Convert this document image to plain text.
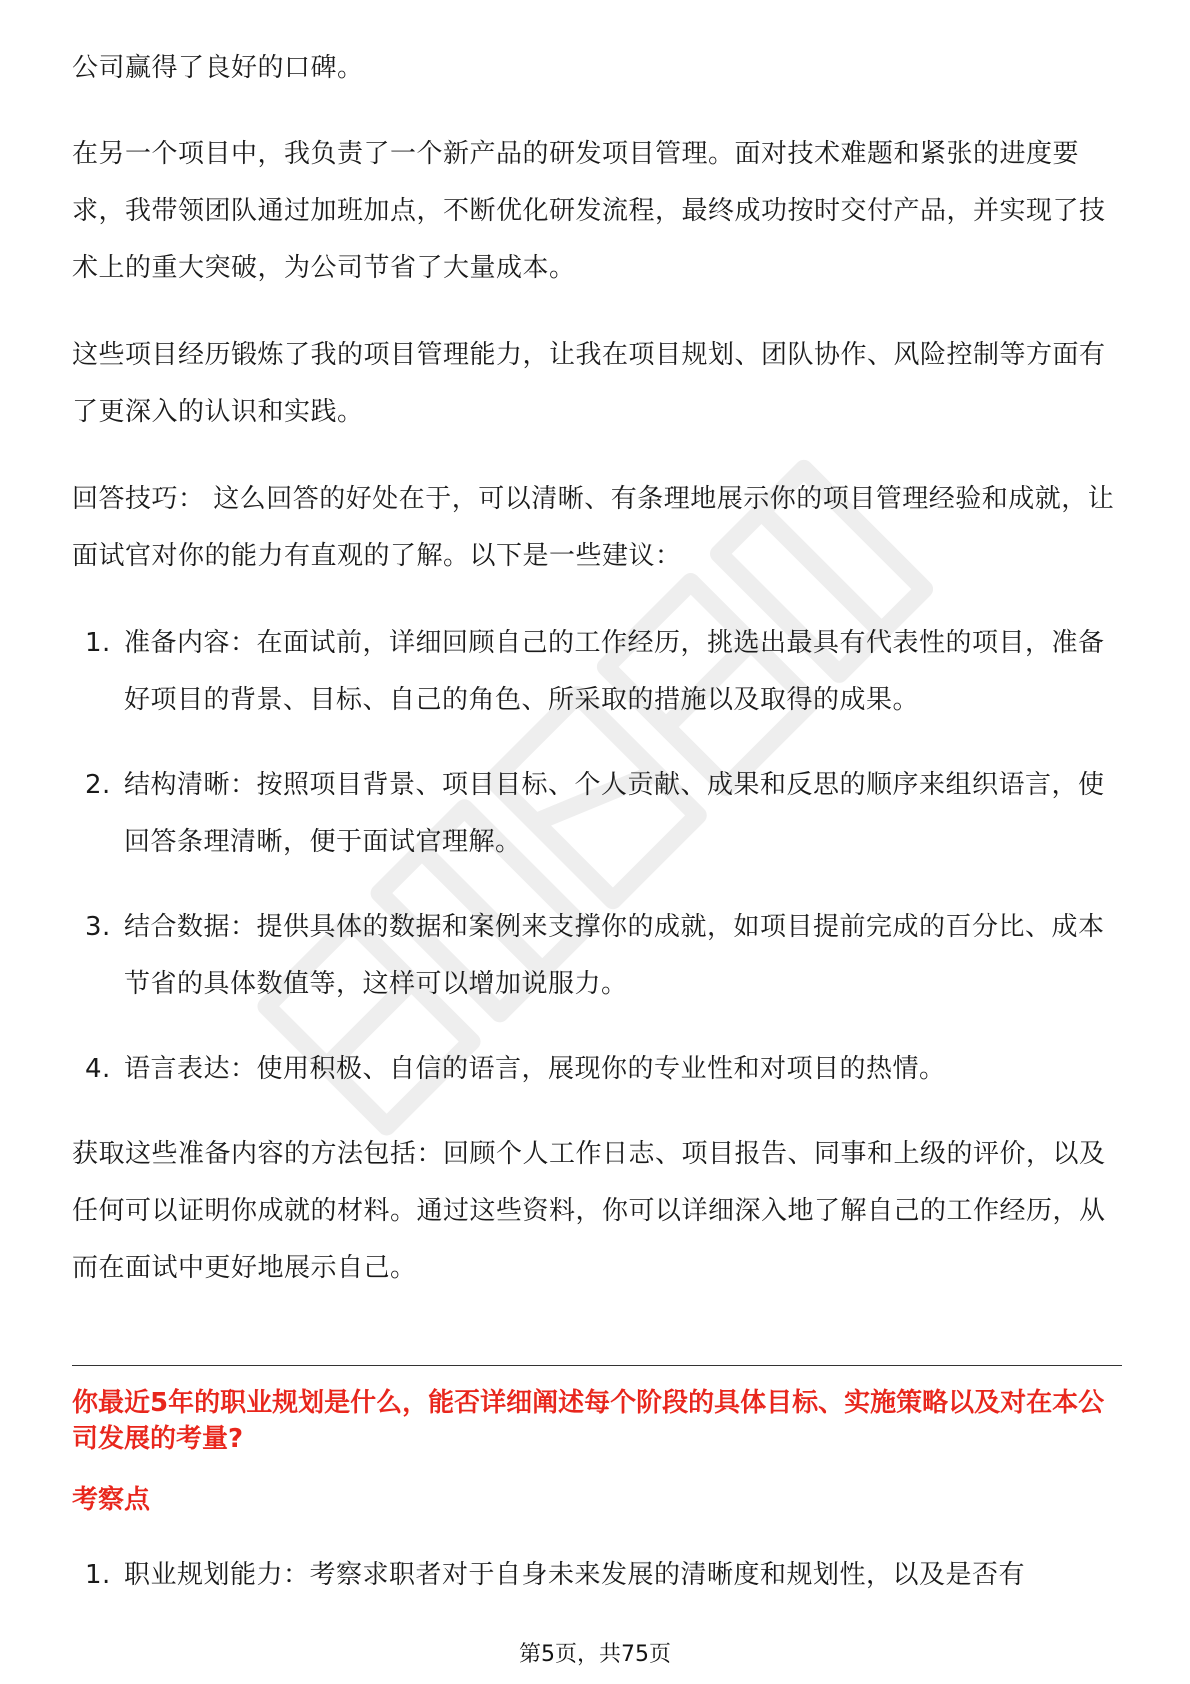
公司赢得了良好的口碑。

在另一个项目中，我负责了一个新产品的研发项目管理。面对技术难题和紧张的进度要求，我带领团队通过加班加点，不断优化研发流程，最终成功按时交付产品，并实现了技术上的重大突破，为公司节省了大量成本。

这些项目经历锻炼了我的项目管理能力，让我在项目规划、团队协作、风险控制等方面有了更深入的认识和实践。

回答技巧： 这么回答的好处在于，可以清晰、有条理地展示你的项目管理经验和成就，让面试官对你的能力有直观的了解。以下是一些建议：

1. 准备内容：在面试前，详细回顾自己的工作经历，挑选出最具有代表性的项目，准备好项目的背景、目标、自己的角色、所采取的措施以及取得的成果。
2. 结构清晰：按照项目背景、项目目标、个人贡献、成果和反思的顺序来组织语言，使回答条理清晰，便于面试官理解。
3. 结合数据：提供具体的数据和案例来支撑你的成就，如项目提前完成的百分比、成本节省的具体数值等，这样可以增加说服力。
4. 语言表达：使用积极、自信的语言，展现你的专业性和对项目的热情。

获取这些准备内容的方法包括：回顾个人工作日志、项目报告、同事和上级的评价，以及任何可以证明你成就的材料。通过这些资料，你可以详细深入地了解自己的工作经历，从而在面试中更好地展示自己。

你最近5年的职业规划是什么，能否详细阐述每个阶段的具体目标、实施策略以及对在本公司发展的考量?
考察点
1. 职业规划能力：考察求职者对于自身未来发展的清晰度和规划性，以及是否有
第5页，共75页
